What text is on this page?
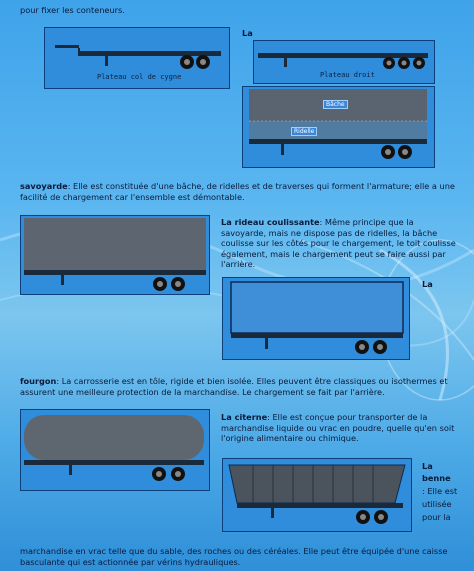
pour fixer les conteneurs.
Plateau col de cygne
La
Plateau droit
Bâche
Ridelle
savoyarde: Elle est constituée d'une bâche, de ridelles et de traverses qui forment l'armature; elle a une facilité de chargement car l'ensemble est démontable.
La rideau coulissante: Même principe que la savoyarde, mais ne dispose pas de ridelles, la bâche coulisse sur les côtés pour le chargement, le toit coulisse également, mais le chargement peut se faire aussi par l'arrière.
La
fourgon: La carrosserie est en tôle, rigide et bien isolée. Elles peuvent être classiques ou isothermes et assurent une meilleure protection de la marchandise. Le chargement se fait par l'arrière.
La citerne: Elle est conçue pour transporter de la marchandise liquide ou vrac en poudre, quelle qu'en soit l'origine alimentaire ou chimique.
La
benne
: Elle est
utilisée
pour la
marchandise en vrac telle que du sable, des roches ou des céréales. Elle peut être équipée d'une caisse basculante qui est actionnée par vérins hydrauliques.
